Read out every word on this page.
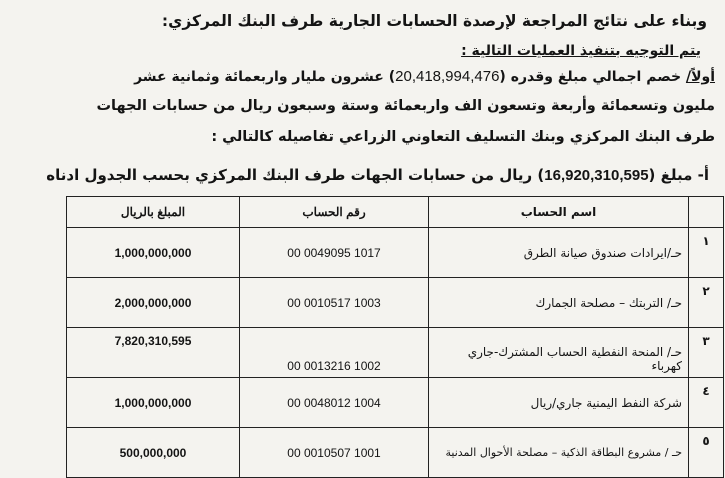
وبناء على نتائج المراجعة لإرصدة الحسابات الجارية طرف البنك المركزي:
يتم التوجيه بتنفيذ العمليات التالية :
أولاً/ خصم اجمالي مبلغ وقدره (20,418,994,476) عشرون مليار واربعمائة وثمانية عشر
مليون وتسعمائة وأربعة وتسعون الف واربعمائة وستة وسبعون ريال من حسابات الجهات
طرف البنك المركزي وبنك التسليف التعاوني الزراعي تفاصيله كالتالي :
أ- مبلغ (16,920,310,595) ريال من حسابات الجهات طرف البنك المركزي بحسب الجدول ادناه
	اسم الحساب	رقم الحساب	المبلغ بالريال
١	حـ/ايرادات صندوق صيانة الطرق	00 0049095 1017	1,000,000,000
٢	حـ/ التربتك – مصلحة الجمارك	00 0010517 1003	2,000,000,000
٣	حـ/ المنحة النفطية الحساب المشترك-جاري كهرباء	00 0013216 1002	7,820,310,595
٤	شركة النفط اليمنية جاري/ريال	00 0048012 1004	1,000,000,000
٥	حـ / مشروع البطاقة الذكية – مصلحة الأحوال المدنية	00 0010507 1001	500,000,000
